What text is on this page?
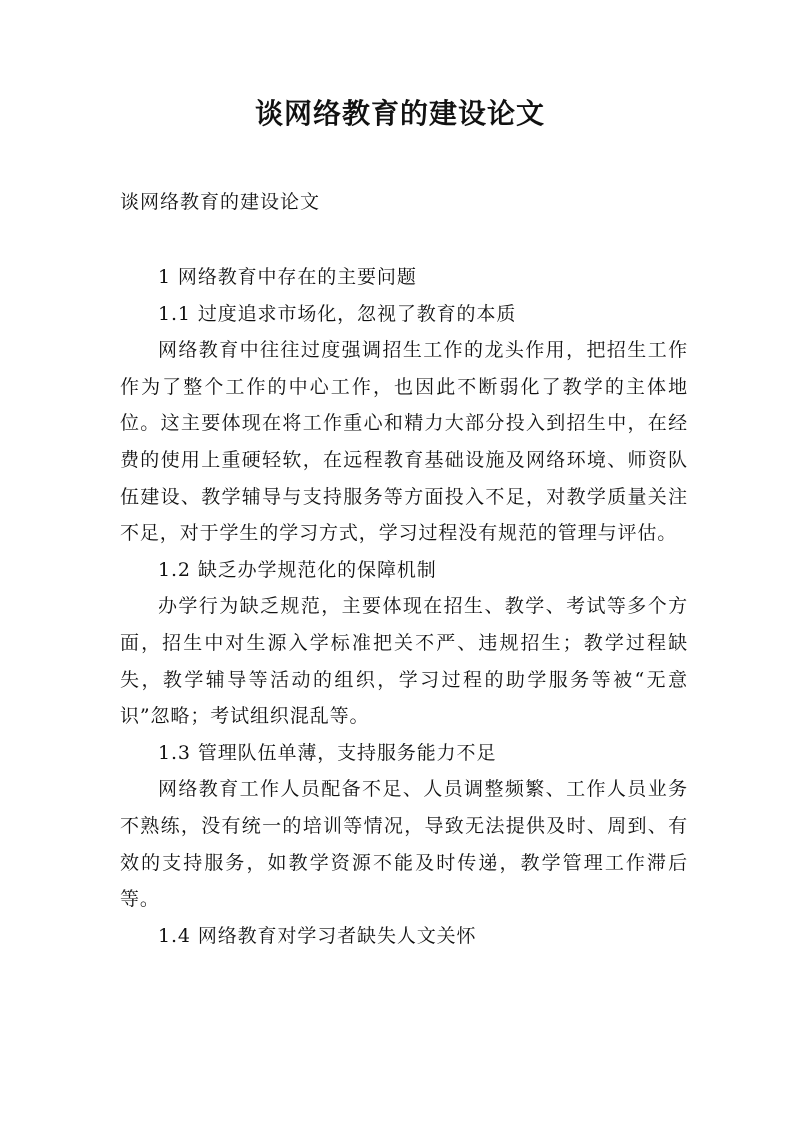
谈网络教育的建设论文
谈网络教育的建设论文

1 网络教育中存在的主要问题

1.1 过度追求市场化，忽视了教育的本质

网络教育中往往过度强调招生工作的龙头作用，把招生工作作为了整个工作的中心工作，也因此不断弱化了教学的主体地位。这主要体现在将工作重心和精力大部分投入到招生中，在经费的使用上重硬轻软，在远程教育基础设施及网络环境、师资队伍建设、教学辅导与支持服务等方面投入不足，对教学质量关注不足，对于学生的学习方式，学习过程没有规范的管理与评估。

1.2 缺乏办学规范化的保障机制

办学行为缺乏规范，主要体现在招生、教学、考试等多个方面，招生中对生源入学标准把关不严、违规招生；教学过程缺失，教学辅导等活动的组织，学习过程的助学服务等被“无意识”忽略；考试组织混乱等。

1.3 管理队伍单薄，支持服务能力不足

网络教育工作人员配备不足、人员调整频繁、工作人员业务不熟练，没有统一的培训等情况，导致无法提供及时、周到、有效的支持服务，如教学资源不能及时传递，教学管理工作滞后等。

1.4 网络教育对学习者缺失人文关怀
